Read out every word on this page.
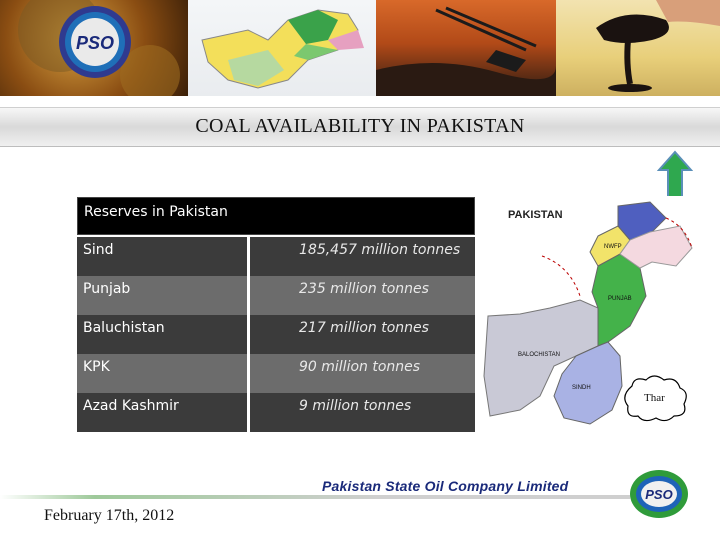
PSO
COAL AVAILABILITY IN PAKISTAN
Reserves in Pakistan
Sind	185,457 million tonnes
Punjab	235 million tonnes
Baluchistan	217 million tonnes
KPK	90 million tonnes
Azad Kashmir	9 million tonnes
PAKISTAN
NWFP
PUNJAB
BALOCHISTAN
SINDH
Thar
Pakistan State Oil Company Limited
PSO
February 17th, 2012
